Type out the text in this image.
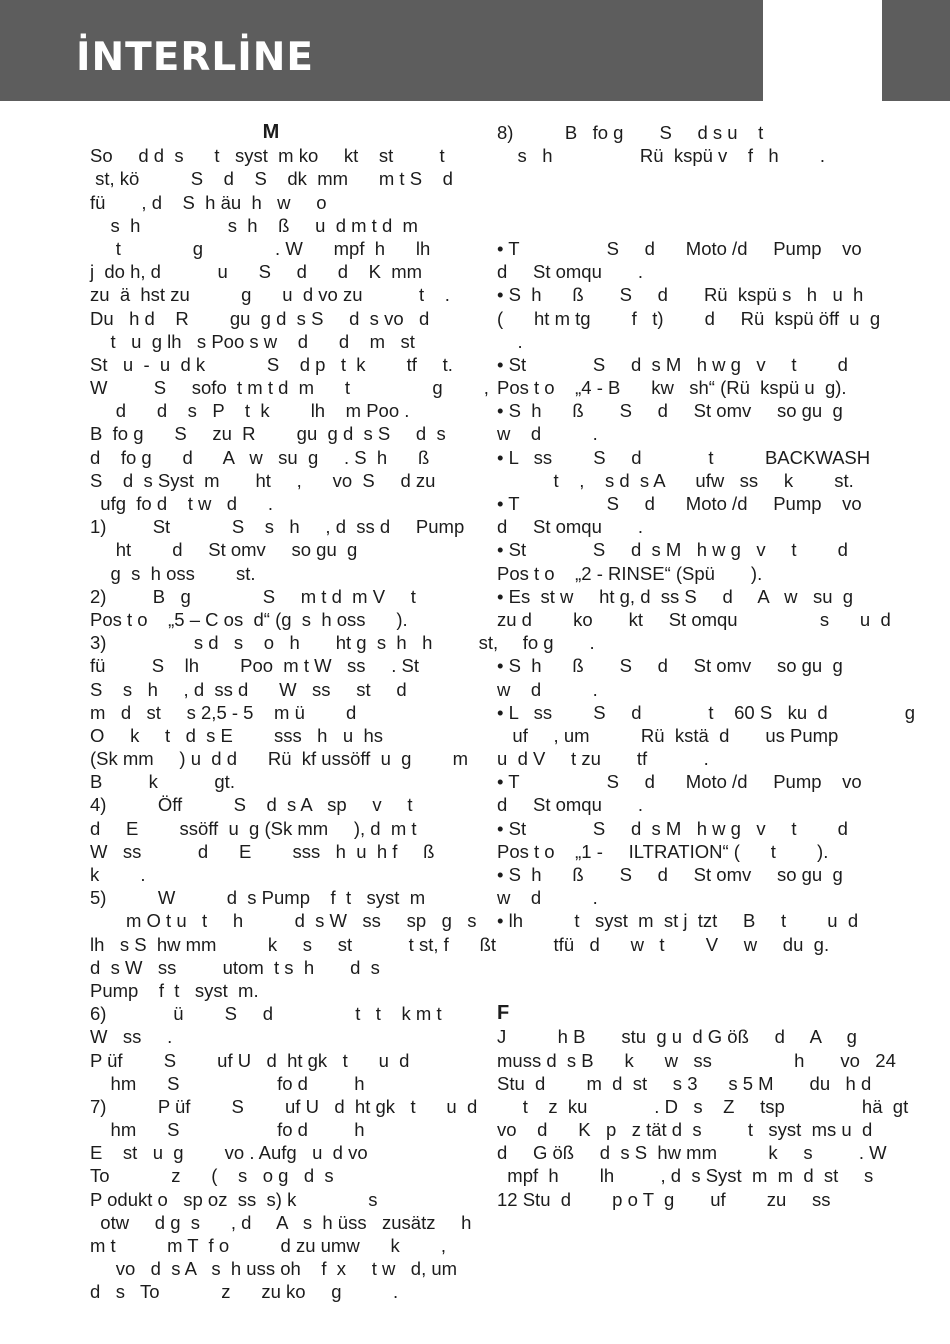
İNTERLİNE
M
So     d d  s      t   syst  m ko     kt    st         t
st, kö          S    d    S    dk  mm      m t S    d
fü       , d    S  h äu  h   w     o
s  h                 s  h    ß     u  d m t d  m
t              g              . W      mpf  h      lh
j  do h, d           u      S     d      d    K  mm
zu  ä  hst zu          g      u  d vo zu           t    .
Du   h d    R        gu  g d  s S     d  s vo   d
t   u  g lh   s Poo s w    d      d    m   st
St   u  -  u  d k            S    d p   t  k        tf     t.
W         S     sofo  t m t d  m      t                g        ,
d      d    s   P    t  k        lh    m Poo .
B  fo g      S     zu  R        gu  g d  s S     d  s
d    fo g      d      A   w   su  g     . S  h      ß
S    d  s Syst  m       ht     ,      vo  S     d zu
ufg  fo d    t w   d      .
1)         St            S    s   h     , d  ss d     Pump
ht        d     St omv     so gu  g
g  s  h oss        st.
2)         B   g              S     m t d  m V     t
Pos t o    „5 – C os  d“ (g  s  h oss      ).
3)                 s d   s    o   h       ht g  s  h   h         st,
fü         S    lh        Poo  m t W   ss     . St
S    s   h     , d  ss d      W   ss     st     d
m   d   st     s 2,5 - 5    m ü        d
O     k     t   d  s E        sss   h   u  hs
(Sk mm     ) u  d d      Rü  kf ussöff  u  g        m
B         k           gt.
4)          Öff          S    d  s A   sp     v     t
d     E        ssöff  u  g (Sk mm     ), d  m t
W   ss           d      E        sss   h  u  h f     ß
k        .
5)          W          d  s Pump    f  t   syst  m
m O t u   t     h          d  s W   ss     sp   g   s
lh   s S  hw mm          k     s     st           t st, f      ßt
d  s W   ss         utom  t s  h       d  s
Pump    f  t   syst  m.
6)             ü        S     d                t   t    k m t
W   ss     .
P üf        S        uf U   d  ht gk   t      u  d
hm      S                   fo d         h
7)          P üf        S        uf U   d  ht gk   t      u  d
hm      S                   fo d         h
E    st   u  g        vo . Aufg   u  d vo
To            z      (    s   o g   d  s
P odukt o   sp oz  ss  s) k              s
otw     d g  s      , d     A   s  h üss   zusätz     h
m t          m T  f o          d zu umw      k        ,
vo   d  s A   s  h uss oh    f  x     t w   d, um
d   s   To            z      zu ko     g          .
8)          B   fo g       S     d s u    t
s   h                 Rü  kspü v    f   h        .
• T                 S     d      Moto /d     Pump    vo
d     St omqu       .
• S  h      ß       S     d       Rü  kspü s   h   u  h
(      ht m tg        f   t)        d     Rü  kspü öff  u  g
.
• St             S     d  s M   h w g   v     t        d
Pos t o    „4 - B      kw   sh“ (Rü  kspü u  g).
• S  h      ß       S     d     St omv     so gu  g
w    d          .
• L   ss        S     d             t          BACKWASH
t    ,    s d  s A      ufw   ss     k        st.
• T                 S     d      Moto /d     Pump    vo
d     St omqu       .
• St             S     d  s M   h w g   v     t        d
Pos t o    „2 - RINSE“ (Spü       ).
• Es  st w     ht g, d  ss S     d     A   w   su  g
zu d        ko       kt     St omqu                s      u  d
fo g       .
• S  h      ß       S     d     St omv     so gu  g
w    d          .
• L   ss        S     d             t    60 S   ku  d               g
uf     , um          Rü  kstä  d       us Pump
u  d V     t zu       tf           .
• T                 S     d      Moto /d     Pump    vo
d     St omqu       .
• St             S     d  s M   h w g   v     t        d
Pos t o    „1 -     ILTRATION“ (      t        ).
• S  h      ß       S     d     St omv     so gu  g
w    d          .
• lh          t   syst  m  st j  tzt     B     t        u  d
tfü   d      w   t        V     w     du  g.
F
J          h B       stu  g u  d G öß     d     A     g
muss d  s B      k      w   ss                h       vo   24
Stu  d        m  d  st     s 3      s 5 M       du   h d
t    z  ku             . D   s    Z     tsp               hä  gt
vo    d      K   p   z tät d  s         t   syst  ms u  d
d     G öß     d  s S  hw mm          k     s         . W
mpf  h        lh         , d  s Syst  m  m  d  st     s
12 Stu  d        p o T  g       uf        zu     ss
